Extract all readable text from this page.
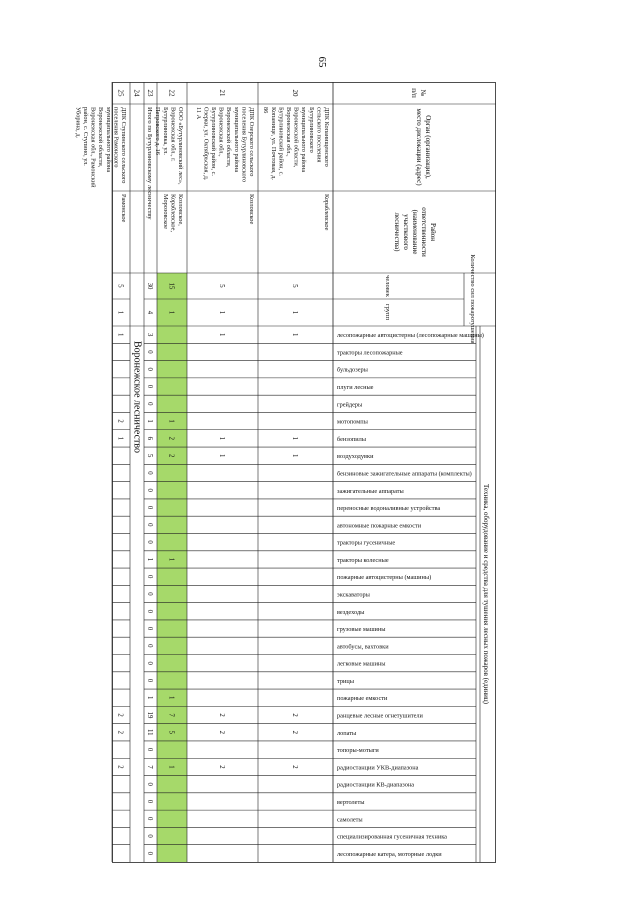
65
№п/п
Орган (организация),место дислокации (адрес)
Районответственности(наименованиеучастковоголесничества)
Количество сил пожаротушения
человек
групп
Техника, оборудование и средства для тушения лесных пожаров (единиц)
лесопожарные автоцистерны (лесопожарные машины)
тракторы лесопожарные
бульдозеры
плуги лесные
грейдеры
мотопомпы
бензопилы
воздуходувки
бензиновые зажигательные аппараты (комплекты)
зажигательные аппараты
переносные водоналивные устройства
автономные пожарные емкости
тракторы гусеничные
тракторы колесные
пожарные автоцистерны (машины)
экскаваторы
вездеходы
грузовые машины
автобусы, вахтовки
легковые машины
трицы
пожарные емкости
ранцевые лесные огнетушители
лопаты
топоры-мотыги
радиостанции УКВ-диапазона
радиостанции КВ-диапазона
вертолеты
самолеты
специализированная гусеничная техника
лесопожарные катера, моторные лодки
20
ДПК Копанищенскогосельского поселенияБутурлиновскогомуниципального районаВоронежской области,Воронежская обл.,Бутурлиновский район, с.Копанище, ул. Почтовая, д.86
Кораблевское
5
1
1
1
1
2
2
2
21
ДПК Озерского сельскогопоселения Бутурлиновскогомуниципального районаВоронежской области,Воронежская обл.,Бутурлиновский район, с.Озерки, ул. Октябрьская, д.11 А
Козловское
5
1
1
1
1
2
2
2
22
ООО «Бутурлиновский лес»,Воронежская обл., г.Бутурлиновка, ул.Петровского д. 16
Козловское,Кораблевское,Морозовское
15
1
1
2
2
1
1
7
5
1
23
Итого по Бутурлиновскому лесничеству
30
4
3
0
0
0
0
1
6
5
0
0
0
0
0
1
0
0
0
0
0
0
0
1
19
11
0
7
0
0
0
0
0
24
Воронежское лесничество
25
ДПК Ступинского сельскогопоселения Рамонскогомуниципального районаВоронежской области,Воронежская обл., Рамонскийрайон, с. Ступино, ул.Уборина, д.
Рамонское
5
1
1
2
1
2
2
2
